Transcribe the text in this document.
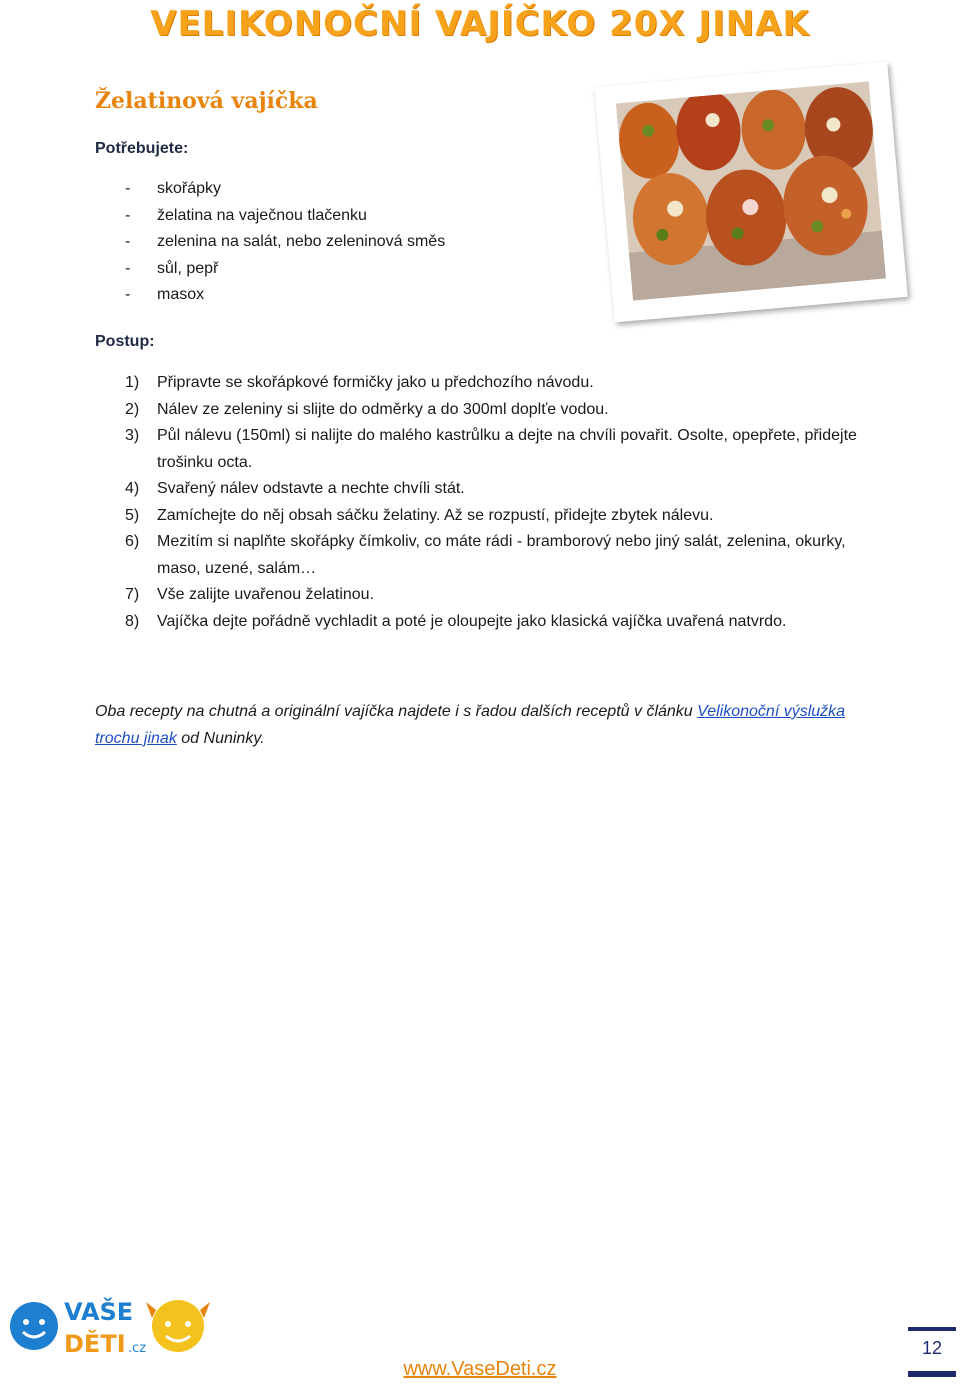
VELIKONOČNÍ VAJÍČKO 20X JINAK
Želatinová vajíčka
Potřebujete:
-	skořápky
-	želatina na vaječnou tlačenku
-	zelenina na salát, nebo zeleninová směs
-	sůl, pepř
-	masox
Postup:
1)	Připravte se skořápkové formičky jako u předchozího návodu.
2)	Nálev ze zeleniny si slijte do odměrky a do 300ml doplťe vodou.
3)	Půl nálevu (150ml) si nalijte do malého kastrůlku a dejte na chvíli povařit. Osolte, opepřete, přidejte trošinku octa.
4)	Svařený nálev odstavte a nechte chvíli stát.
5)	Zamíchejte do něj obsah sáčku želatiny. Až se rozpustí, přidejte zbytek nálevu.
6)	Mezitím si naplňte skořápky čímkoliv, co máte rádi - bramborový nebo jiný salát, zelenina, okurky, maso, uzené, salám…
7)	Vše zalijte uvařenou želatinou.
8)	Vajíčka dejte pořádně vychladit a poté je oloupejte jako klasická vajíčka uvařená natvrdo.
Oba recepty na chutná a originální vajíčka najdete i s řadou dalších receptů v článku Velikonoční výslužka trochu jinak od Nuninky.
VAŠE
DĚTI .cz	12
www.VaseDeti.cz
